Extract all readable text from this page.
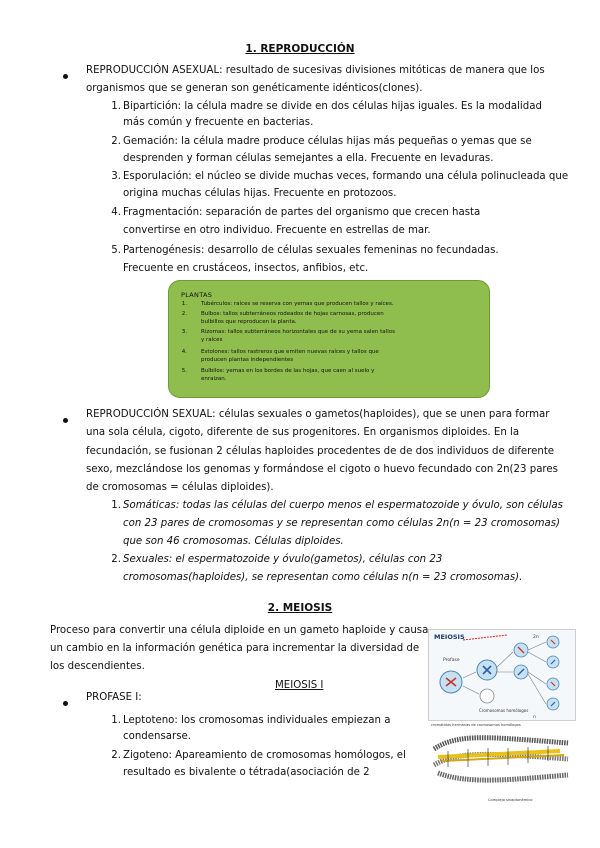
1. REPRODUCCIÓN
REPRODUCCIÓN ASEXUAL: resultado de sucesivas divisiones mitóticas de manera que los
organismos que se generan son genéticamente idénticos(clones).
1. Bipartición: la célula madre se divide en dos células hijas iguales. Es la modalidad
más común y frecuente en bacterias.
2. Gemación: la célula madre produce células hijas más pequeñas o yemas que se
desprenden y forman células semejantes a ella. Frecuente en levaduras.
3. Esporulación: el núcleo se divide muchas veces, formando una célula polinucleada que
origina muchas células hijas. Frecuente en protozoos.
4. Fragmentación: separación de partes del organismo que crecen hasta
convertirse en otro individuo. Frecuente en estrellas de mar.
5. Partenogénesis: desarrollo de células sexuales femeninas no fecundadas.
Frecuente en crustáceos, insectos, anfibios, etc.
PLANTAS
1.	Tubérculos: raíces se reserva con yemas que producen tallos y raíces.
2.	Bulbos: tallos subterráneos rodeados de hojas carnosas, producen
bulbillos que reproducen la planta.
3.	Rizomas: tallos subterráneos horizontales que de su yema salen tallos
y raíces
4.	Estolones: tallos rastreros que emiten nuevas raíces y tallos que
producen plantas independientes
5.	Bulbilos: yemas en los bordes de las hojas, que caen al suelo y
enraizan.
REPRODUCCIÓN SEXUAL: células sexuales o gametos(haploides), que se unen para formar
una sola célula, cigoto, diferente de sus progenitores. En organismos diploides. En la
fecundación, se fusionan 2 células haploides procedentes de de dos individuos de diferente
sexo, mezclándose los genomas y formándose el cigoto o huevo fecundado con 2n(23 pares
de cromosomas = células diploides).
1. Somáticas: todas las células del cuerpo menos el espermatozoide y óvulo, son células
con 23 pares de cromosomas y se representan como células 2n(n = 23 cromosomas)
que son 46 cromosomas. Células diploides.
2. Sexuales: el espermatozoide y óvulo(gametos), células con 23
cromosomas(haploides), se representan como células n(n = 23 cromosomas).
2. MEIOSIS
Proceso para convertir una célula diploide en un gameto haploide y causa
un cambio en la información genética para incrementar la diversidad de
los descendientes.
MEIOSIS I
PROFASE I:
1. Leptoteno: los cromosomas individuales empiezan a
condensarse.
2. Zigoteno: Apareamiento de cromosomas homólogos, el
resultado es bivalente o tétrada(asociación de 2
MEIOSIS
Profase
Cromosomas homólogos
2n
n
cromátidas hermanas de cromosomas homólogos
Complejo sinaptonémico
